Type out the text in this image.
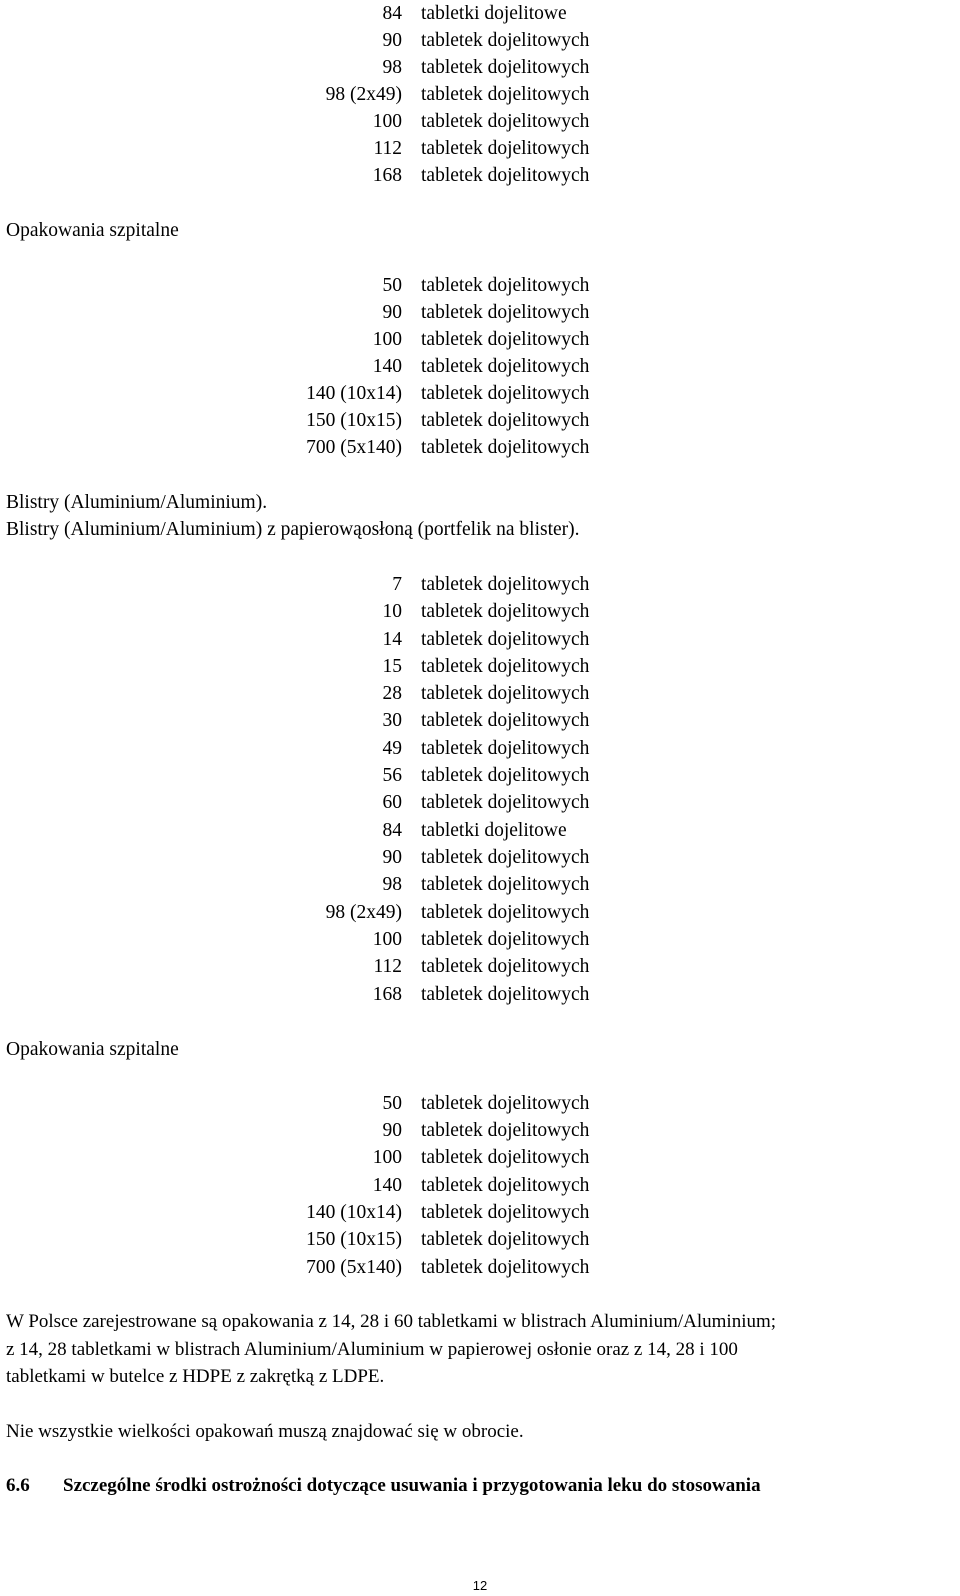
84 tabletki dojelitowe
90 tabletek dojelitowych
98 tabletek dojelitowych
98 (2x49) tabletek dojelitowych
100 tabletek dojelitowych
112 tabletek dojelitowych
168 tabletek dojelitowych
Opakowania szpitalne
50 tabletek dojelitowych
90 tabletek dojelitowych
100 tabletek dojelitowych
140 tabletek dojelitowych
140 (10x14) tabletek dojelitowych
150 (10x15) tabletek dojelitowych
700 (5x140) tabletek dojelitowych
Blistry (Aluminium/Aluminium).
Blistry (Aluminium/Aluminium) z papierowąosłoną (portfelik na blister).
7 tabletek dojelitowych
10 tabletek dojelitowych
14 tabletek dojelitowych
15 tabletek dojelitowych
28 tabletek dojelitowych
30 tabletek dojelitowych
49 tabletek dojelitowych
56 tabletek dojelitowych
60 tabletek dojelitowych
84 tabletki dojelitowe
90 tabletek dojelitowych
98 tabletek dojelitowych
98 (2x49) tabletek dojelitowych
100 tabletek dojelitowych
112 tabletek dojelitowych
168 tabletek dojelitowych
Opakowania szpitalne
50 tabletek dojelitowych
90 tabletek dojelitowych
100 tabletek dojelitowych
140 tabletek dojelitowych
140 (10x14) tabletek dojelitowych
150 (10x15) tabletek dojelitowych
700 (5x140) tabletek dojelitowych
W Polsce zarejestrowane są opakowania z 14, 28 i 60 tabletkami w blistrach Aluminium/Aluminium;
z 14, 28 tabletkami w blistrach Aluminium/Aluminium w papierowej osłonie oraz z 14, 28 i 100
tabletkami w butelce z HDPE z zakrętką z LDPE.
Nie wszystkie wielkości opakowań muszą znajdować się w obrocie.
6.6 Szczególne środki ostrożności dotyczące usuwania i przygotowania leku do stosowania
12
